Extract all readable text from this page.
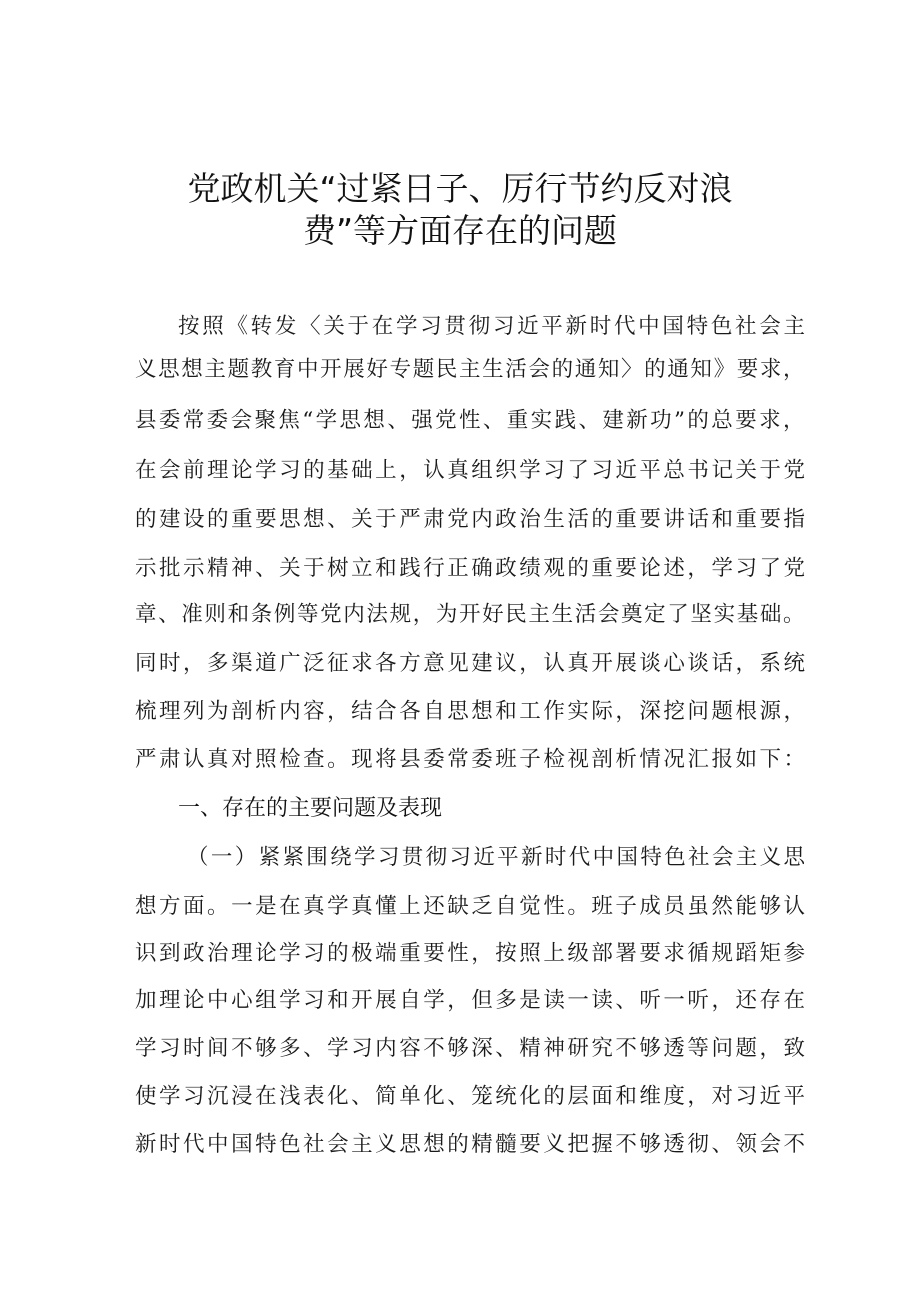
党政机关“过紧日子、厉行节约反对浪
费”等方面存在的问题
按照《转发〈关于在学习贯彻习近平新时代中国特色社会主
义思想主题教育中开展好专题民主生活会的通知〉的通知》要求，
县委常委会聚焦“学思想、强党性、重实践、建新功”的总要求，
在会前理论学习的基础上，认真组织学习了习近平总书记关于党
的建设的重要思想、关于严肃党内政治生活的重要讲话和重要指
示批示精神、关于树立和践行正确政绩观的重要论述，学习了党
章、准则和条例等党内法规，为开好民主生活会奠定了坚实基础。
同时，多渠道广泛征求各方意见建议，认真开展谈心谈话，系统
梳理列为剖析内容，结合各自思想和工作实际，深挖问题根源，
严肃认真对照检查。现将县委常委班子检视剖析情况汇报如下：
一、存在的主要问题及表现
（一）紧紧围绕学习贯彻习近平新时代中国特色社会主义思
想方面。一是在真学真懂上还缺乏自觉性。班子成员虽然能够认
识到政治理论学习的极端重要性，按照上级部署要求循规蹈矩参
加理论中心组学习和开展自学，但多是读一读、听一听，还存在
学习时间不够多、学习内容不够深、精神研究不够透等问题，致
使学习沉浸在浅表化、简单化、笼统化的层面和维度，对习近平
新时代中国特色社会主义思想的精髓要义把握不够透彻、领会不
